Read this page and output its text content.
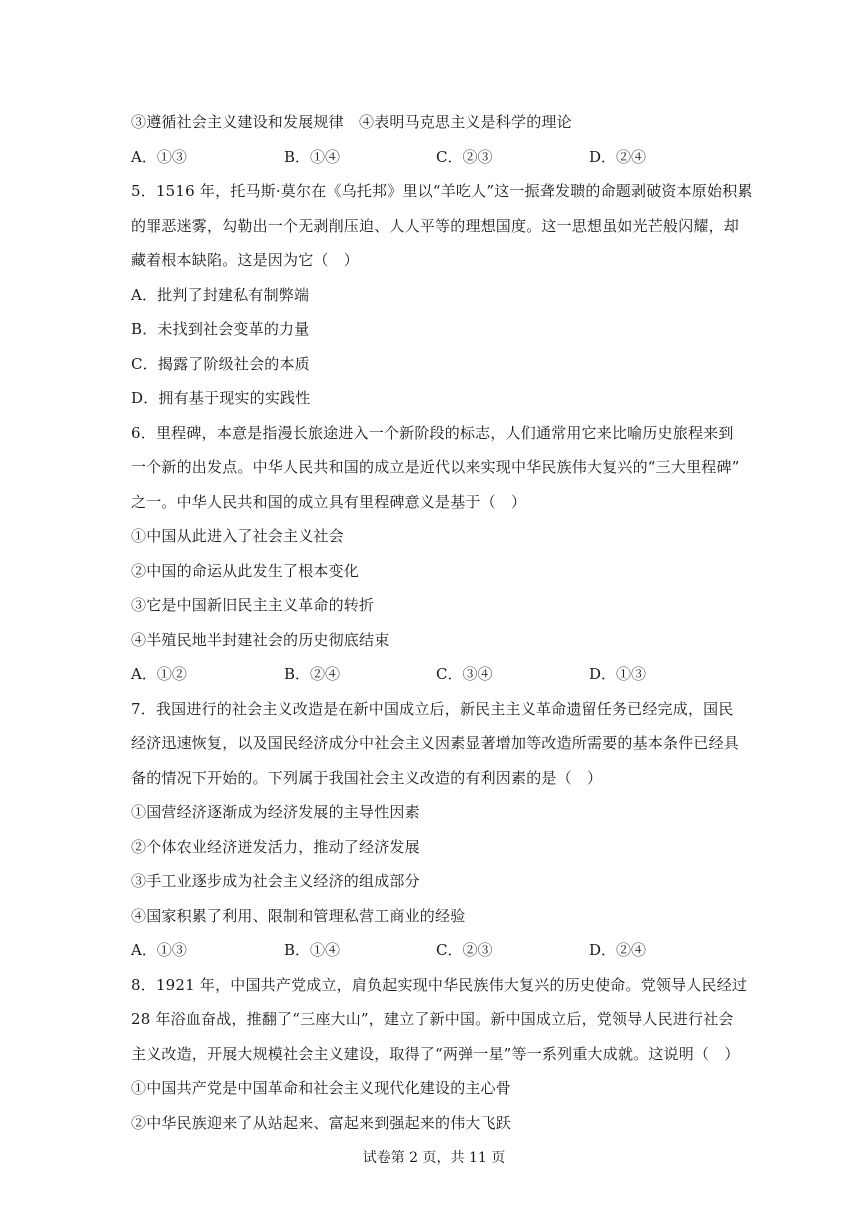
③遵循社会主义建设和发展规律　④表明马克思主义是科学的理论
A．①③	B．①④	C．②③	D．②④
5．1516 年，托马斯·莫尔在《乌托邦》里以“羊吃人”这一振聋发聩的命题剥破资本原始积累
的罪恶迷雾，勾勒出一个无剥削压迫、人人平等的理想国度。这一思想虽如光芒般闪耀，却
藏着根本缺陷。这是因为它（　）
A．批判了封建私有制弊端
B．未找到社会变革的力量
C．揭露了阶级社会的本质
D．拥有基于现实的实践性
6．里程碑，本意是指漫长旅途进入一个新阶段的标志，人们通常用它来比喻历史旅程来到
一个新的出发点。中华人民共和国的成立是近代以来实现中华民族伟大复兴的“三大里程碑”
之一。中华人民共和国的成立具有里程碑意义是基于（　）
①中国从此进入了社会主义社会
②中国的命运从此发生了根本变化
③它是中国新旧民主主义革命的转折
④半殖民地半封建社会的历史彻底结束
A．①②	B．②④	C．③④	D．①③
7．我国进行的社会主义改造是在新中国成立后，新民主主义革命遗留任务已经完成，国民
经济迅速恢复，以及国民经济成分中社会主义因素显著增加等改造所需要的基本条件已经具
备的情况下开始的。下列属于我国社会主义改造的有利因素的是（　）
①国营经济逐渐成为经济发展的主导性因素
②个体农业经济迸发活力，推动了经济发展
③手工业逐步成为社会主义经济的组成部分
④国家积累了利用、限制和管理私营工商业的经验
A．①③	B．①④	C．②③	D．②④
8．1921 年，中国共产党成立，肩负起实现中华民族伟大复兴的历史使命。党领导人民经过
28 年浴血奋战，推翻了“三座大山”，建立了新中国。新中国成立后，党领导人民进行社会
主义改造，开展大规模社会主义建设，取得了“两弹一星”等一系列重大成就。这说明（　）
①中国共产党是中国革命和社会主义现代化建设的主心骨
②中华民族迎来了从站起来、富起来到强起来的伟大飞跃
试卷第 2 页，共 11 页
